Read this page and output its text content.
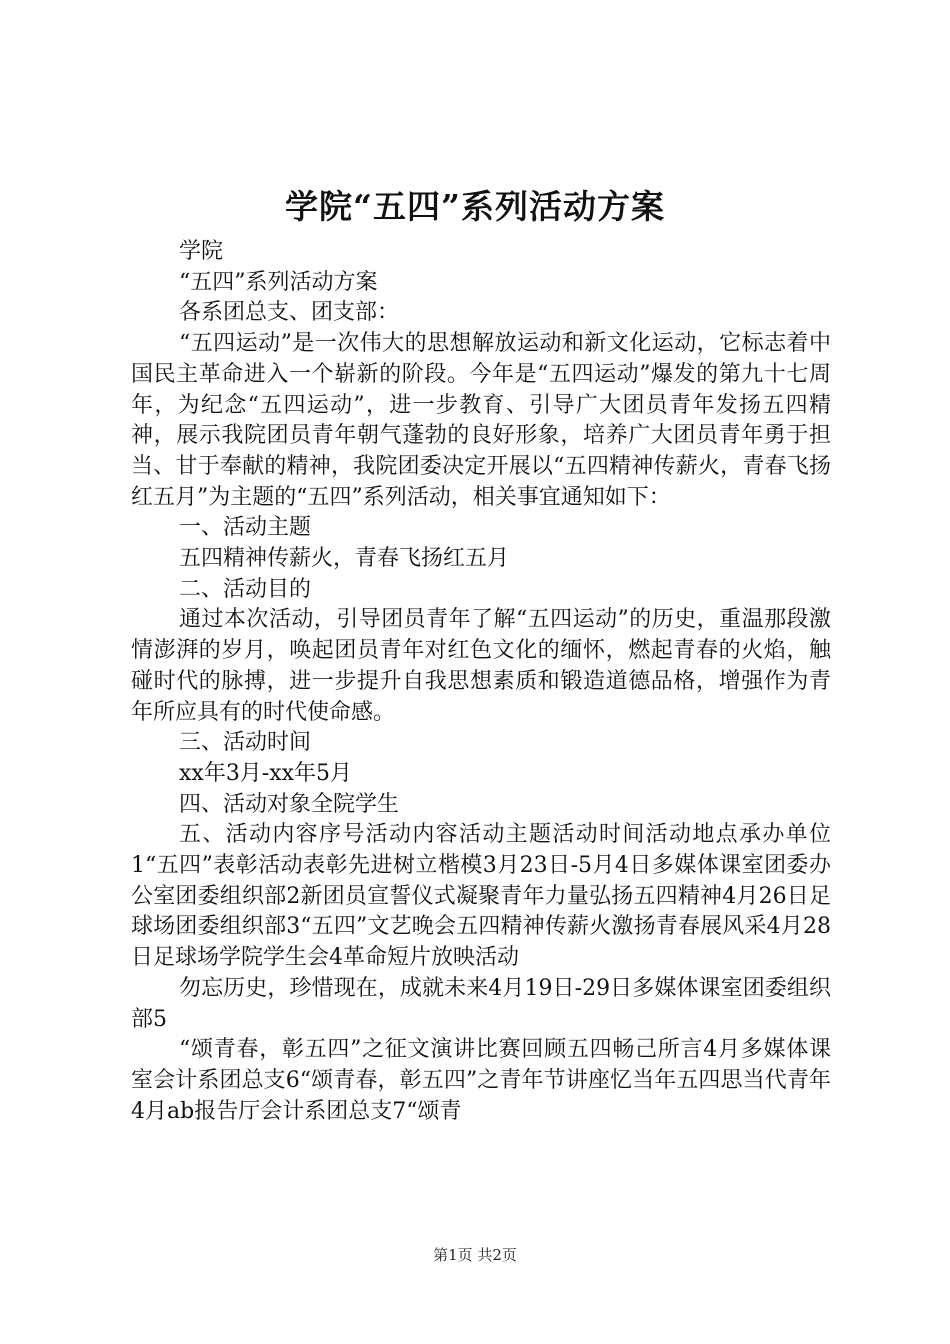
学院“五四”系列活动方案

学院

“五四”系列活动方案

各系团总支、团支部：

“五四运动”是一次伟大的思想解放运动和新文化运动，它标志着中国民主革命进入一个崭新的阶段。今年是“五四运动”爆发的第九十七周年，为纪念“五四运动”，进一步教育、引导广大团员青年发扬五四精神，展示我院团员青年朝气蓬勃的良好形象，培养广大团员青年勇于担当、甘于奉献的精神，我院团委决定开展以“五四精神传薪火，青春飞扬红五月”为主题的“五四”系列活动，相关事宜通知如下：

一、活动主题

五四精神传薪火，青春飞扬红五月

二、活动目的

通过本次活动，引导团员青年了解“五四运动”的历史，重温那段激情澎湃的岁月，唤起团员青年对红色文化的缅怀，燃起青春的火焰，触碰时代的脉搏，进一步提升自我思想素质和锻造道德品格，增强作为青年所应具有的时代使命感。

三、活动时间

xx年3月-xx年5月

四、活动对象全院学生

五、活动内容序号活动内容活动主题活动时间活动地点承办单位1“五四”表彰活动表彰先进树立楷模3月23日-5月4日多媒体课室团委办公室团委组织部2新团员宣誓仪式凝聚青年力量弘扬五四精神4月26日足球场团委组织部3“五四”文艺晚会五四精神传薪火激扬青春展风采4月28日足球场学院学生会4革命短片放映活动

勿忘历史，珍惜现在，成就未来4月19日-29日多媒体课室团委组织部5

“颂青春，彰五四”之征文演讲比赛回顾五四畅己所言4月多媒体课室会计系团总支6“颂青春，彰五四”之青年节讲座忆当年五四思当代青年4月ab报告厅会计系团总支7“颂青

第1页 共2页
